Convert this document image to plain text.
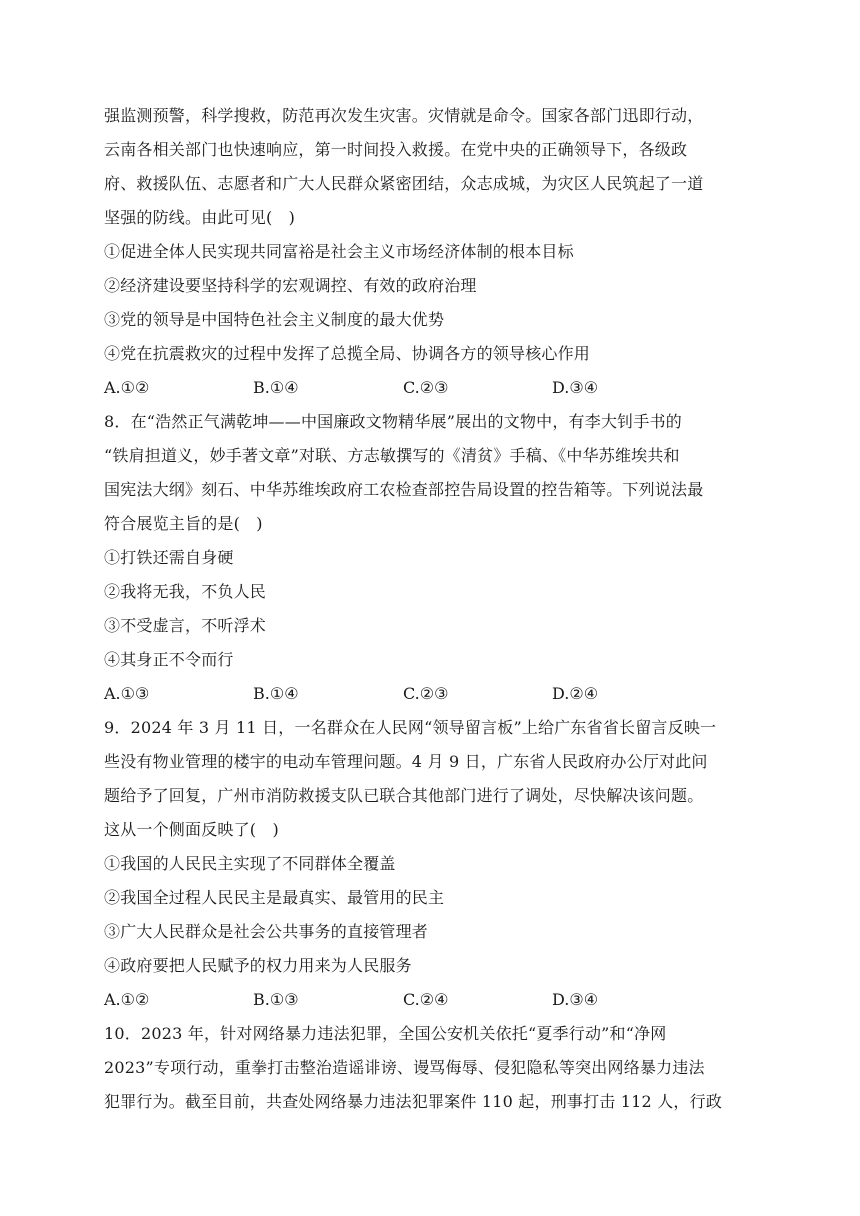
强监测预警，科学搜救，防范再次发生灾害。灾情就是命令。国家各部门迅即行动，
云南各相关部门也快速响应，第一时间投入救援。在党中央的正确领导下，各级政
府、救援队伍、志愿者和广大人民群众紧密团结，众志成城，为灾区人民筑起了一道
坚强的防线。由此可见(　)
①促进全体人民实现共同富裕是社会主义市场经济体制的根本目标
②经济建设要坚持科学的宏观调控、有效的政府治理
③党的领导是中国特色社会主义制度的最大优势
④党在抗震救灾的过程中发挥了总揽全局、协调各方的领导核心作用
A.①②	B.①④	C.②③	D.③④
8．在“浩然正气满乾坤——中国廉政文物精华展”展出的文物中，有李大钊手书的
“铁肩担道义，妙手著文章”对联、方志敏撰写的《清贫》手稿、《中华苏维埃共和
国宪法大纲》刻石、中华苏维埃政府工农检查部控告局设置的控告箱等。下列说法最
符合展览主旨的是(　)
①打铁还需自身硬
②我将无我，不负人民
③不受虚言，不听浮术
④其身正不令而行
A.①③	B.①④	C.②③	D.②④
9．2024 年 3 月 11 日，一名群众在人民网“领导留言板”上给广东省省长留言反映一
些没有物业管理的楼宇的电动车管理问题。4 月 9 日，广东省人民政府办公厅对此问
题给予了回复，广州市消防救援支队已联合其他部门进行了调处，尽快解决该问题。
这从一个侧面反映了(　)
①我国的人民民主实现了不同群体全覆盖
②我国全过程人民民主是最真实、最管用的民主
③广大人民群众是社会公共事务的直接管理者
④政府要把人民赋予的权力用来为人民服务
A.①②	B.①③	C.②④	D.③④
10．2023 年，针对网络暴力违法犯罪，全国公安机关依托“夏季行动”和“净网
2023”专项行动，重拳打击整治造谣诽谤、谩骂侮辱、侵犯隐私等突出网络暴力违法
犯罪行为。截至目前，共查处网络暴力违法犯罪案件 110 起，刑事打击 112 人，行政
